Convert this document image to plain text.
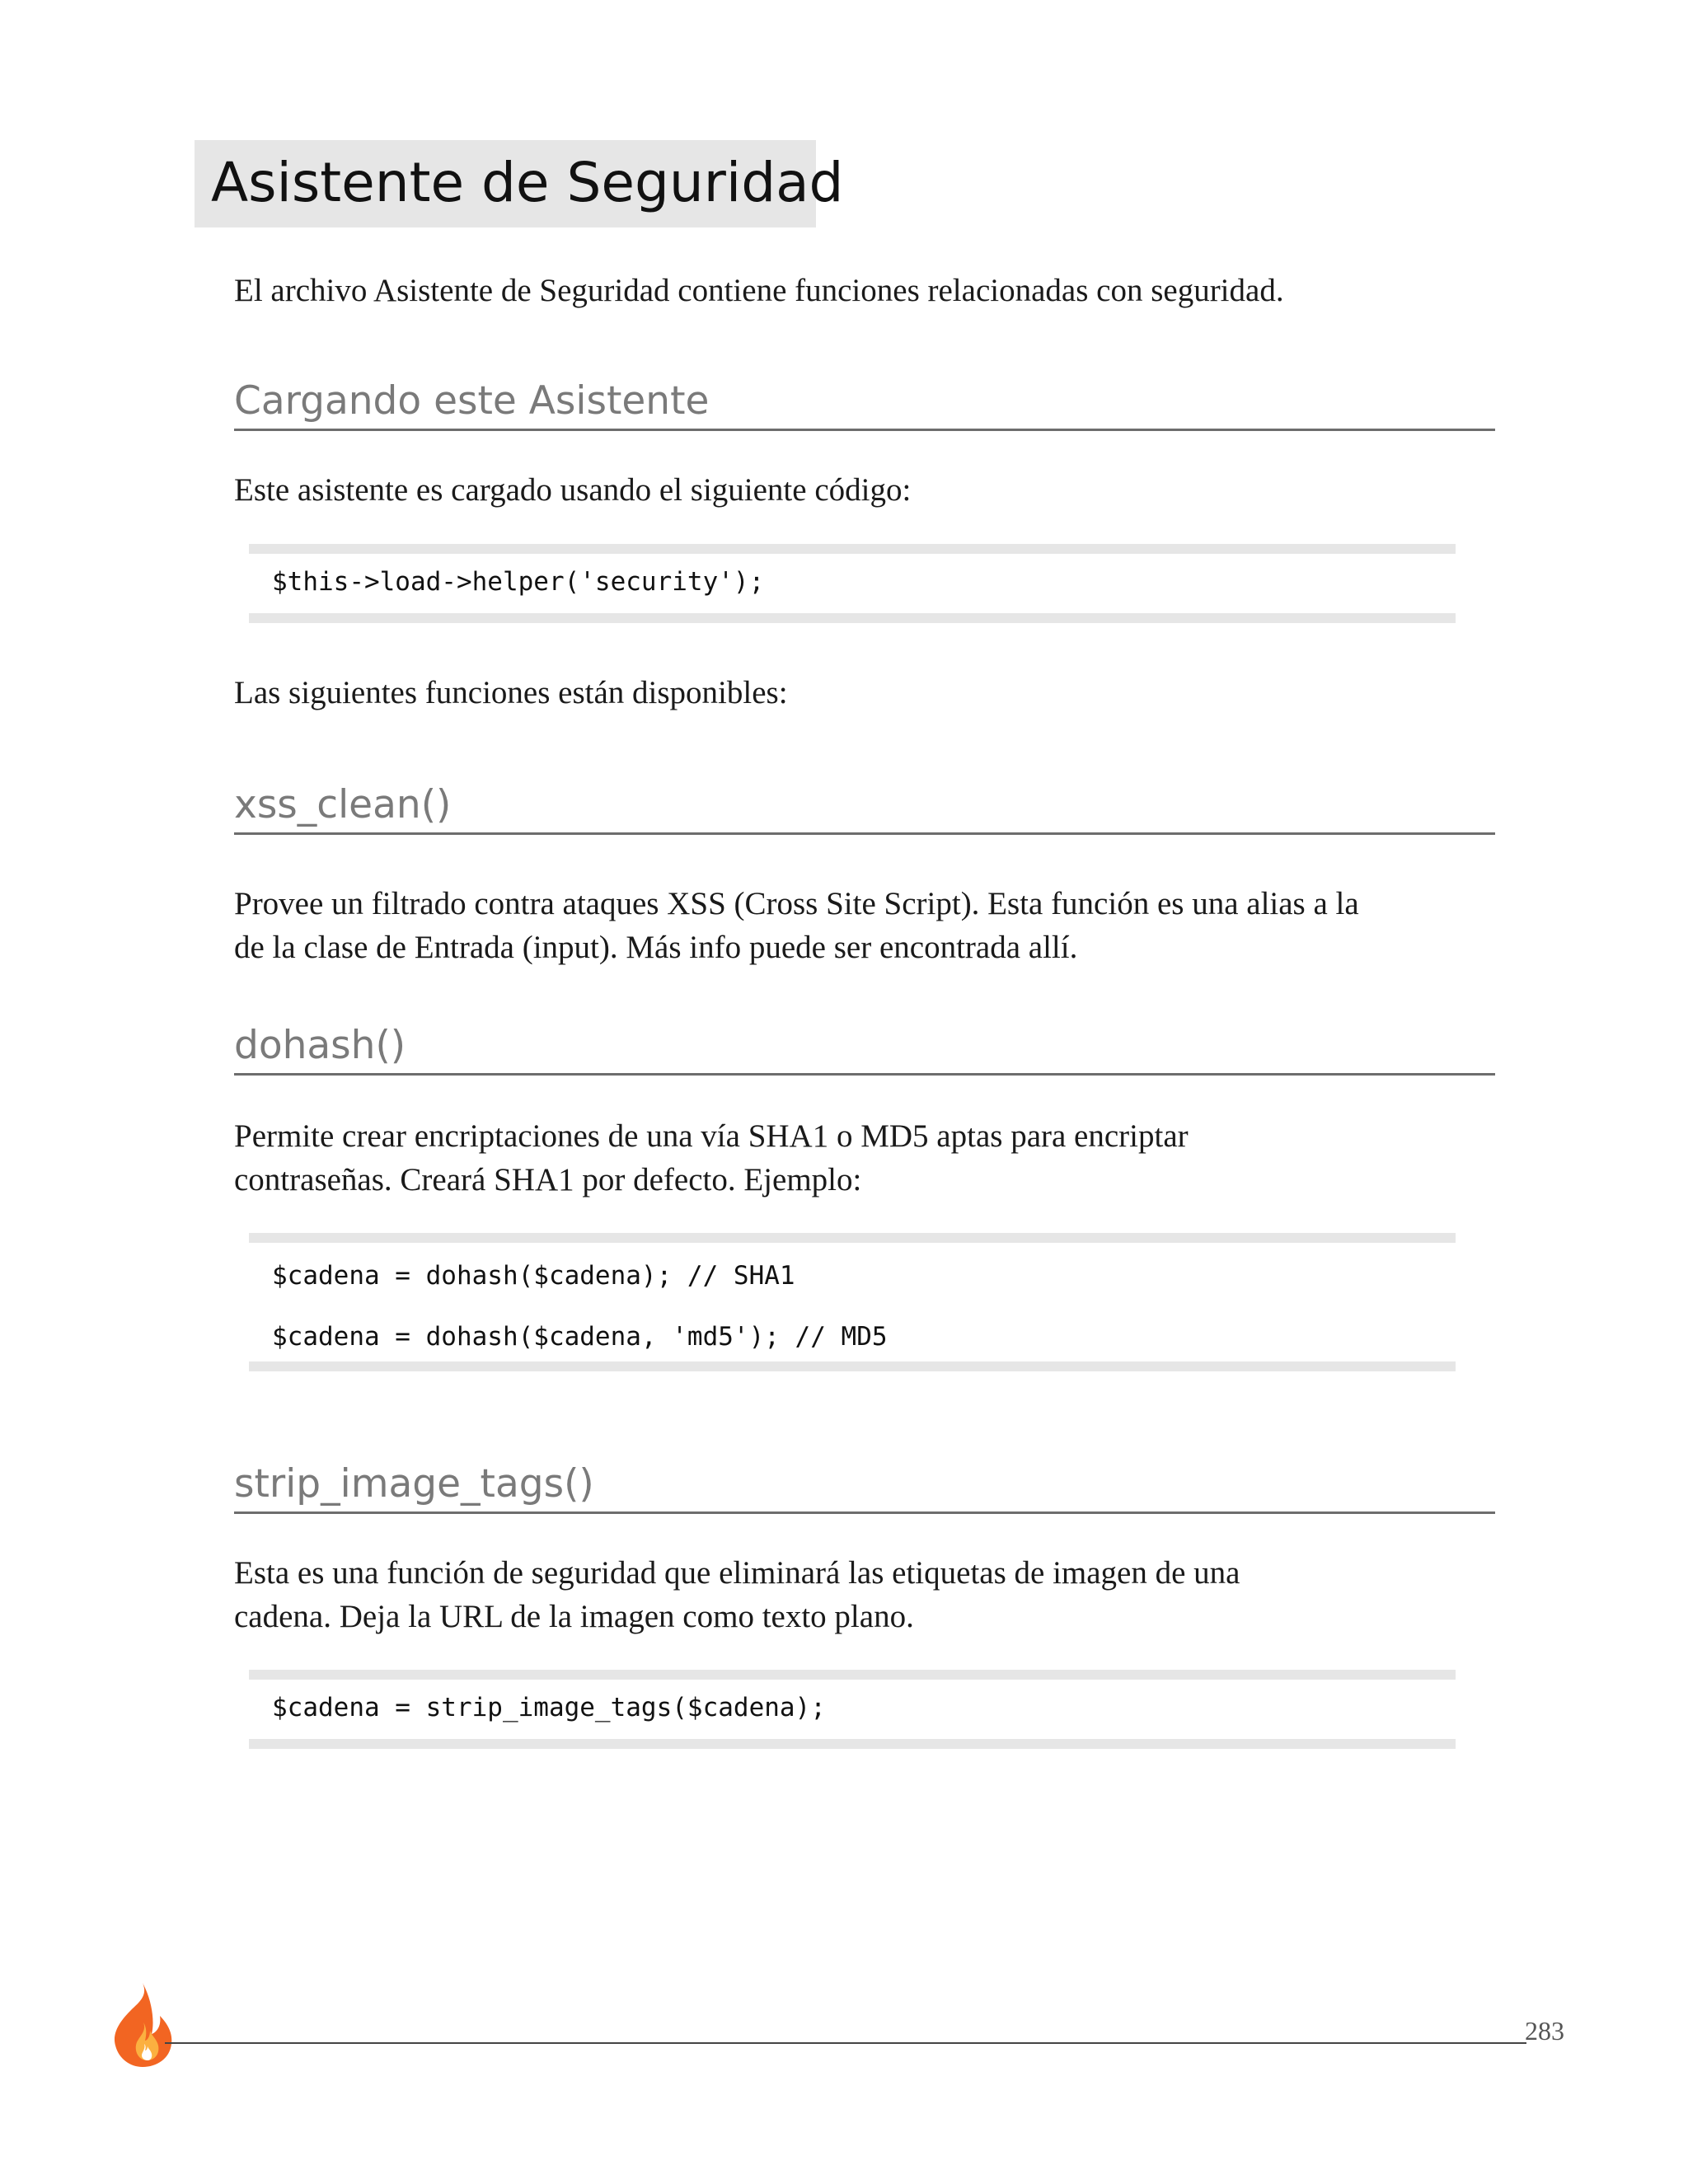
Asistente de Seguridad

El archivo Asistente de Seguridad contiene funciones relacionadas con seguridad.

Cargando este Asistente

Este asistente es cargado usando el siguiente código:

$this->load->helper('security');

Las siguientes funciones están disponibles:

xss_clean()

Provee un filtrado contra ataques XSS (Cross Site Script). Esta función es una alias a la

de la clase de Entrada (input). Más info puede ser encontrada allí.

dohash()

Permite crear encriptaciones de una vía SHA1 o MD5 aptas para encriptar

contraseñas. Creará SHA1 por defecto. Ejemplo:

$cadena = dohash($cadena); // SHA1
$cadena = dohash($cadena, 'md5'); // MD5
strip_image_tags()

Esta es una función de seguridad que eliminará las etiquetas de imagen de una

cadena. Deja la URL de la imagen como texto plano.

$cadena = strip_image_tags($cadena);
283
